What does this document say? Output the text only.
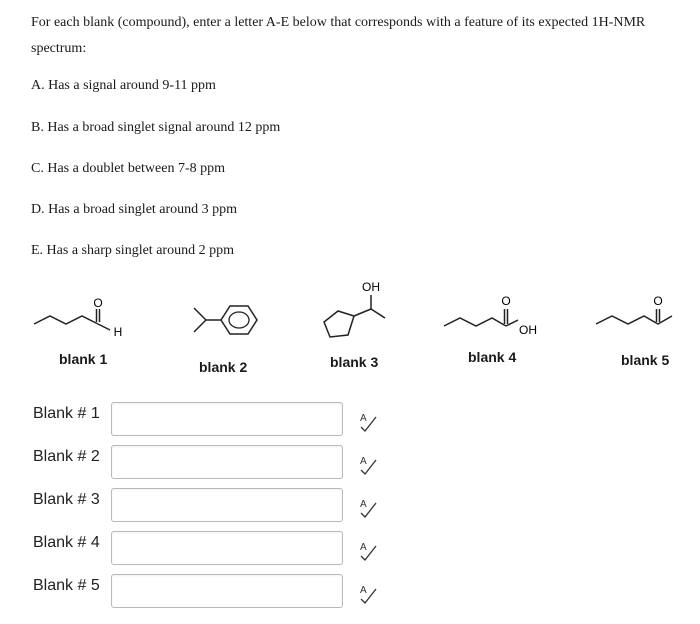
For each blank (compound), enter a letter A-E below that corresponds with a feature of its expected 1H-NMR spectrum:
A. Has a signal around 9-11 ppm
B. Has a broad singlet signal around 12 ppm
C. Has a doublet between 7-8 ppm
D. Has a broad singlet around 3 ppm
E. Has a sharp singlet around 2 ppm
O
H
blank 1	blank 2
OH
blank 3
O
OH
blank 4
O
blank 5
Blank # 1	A
Blank # 2	A
Blank # 3	A
Blank # 4	A
Blank # 5	A
